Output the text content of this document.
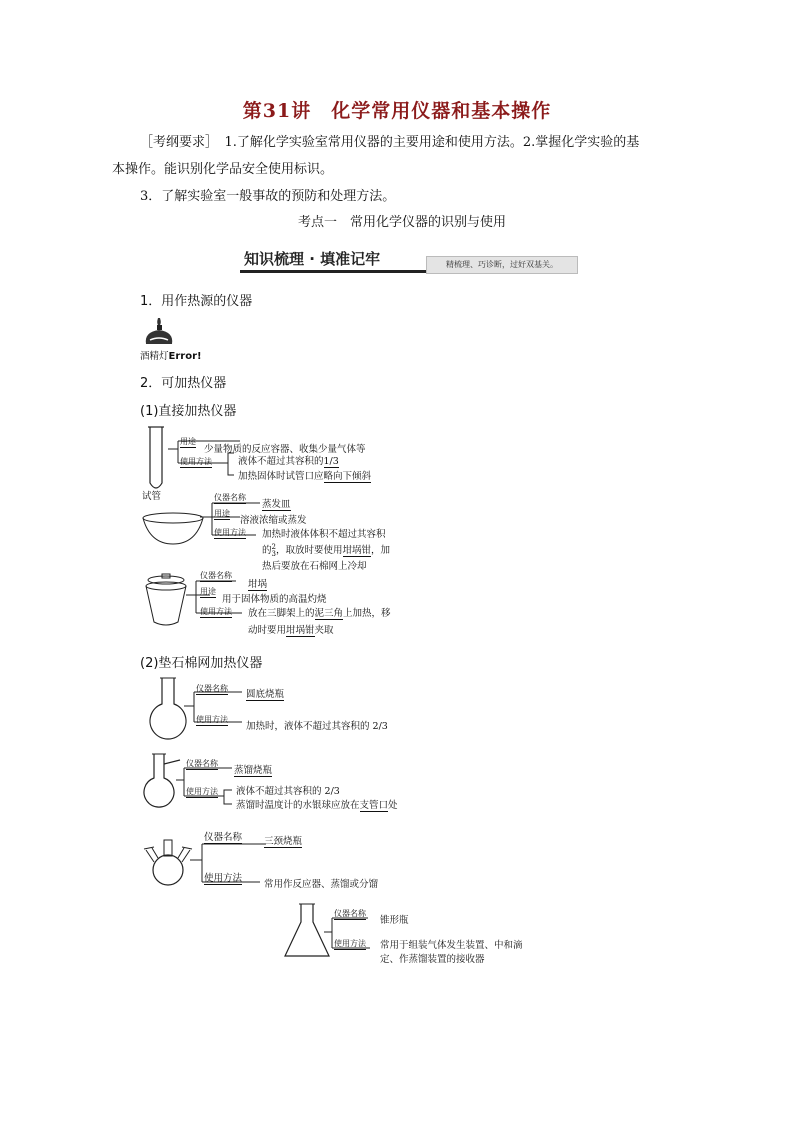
第31讲　化学常用仪器和基本操作
［考纲要求］　1.了解化学实验室常用仪器的主要用途和使用方法。2.掌握化学实验的基
本操作。能识别化学品安全使用标识。
3．了解实验室一般事故的预防和处理方法。
考点一　常用化学仪器的识别与使用
知识梳理 · 填准记牢	精梳理、巧诊断，过好双基关。
1．用作热源的仪器
酒精灯Error!
2．可加热仪器
(1)直接加热仪器
试管
用途
少量物质的反应容器、收集少量气体等
使用方法	液体不超过其容积的1/3
加热固体时试管口应略向下倾斜
仪器名称
蒸发皿
用途
溶液浓缩或蒸发
使用方法 加热时液体体积不超过其容积
的2
3，取放时要使用坩埚钳，加
热后要放在石棉网上冷却
仪器名称
坩埚
用途
用于固体物质的高温灼烧
使用方法 放在三脚架上的泥三角上加热，移
动时要用坩埚钳夹取
(2)垫石棉网加热仪器
仪器名称
圆底烧瓶
使用方法
加热时，液体不超过其容积的 2/3
仪器名称
蒸馏烧瓶
使用方法 液体不超过其容积的 2/3
蒸馏时温度计的水银球应放在支管口处
仪器名称 三颈烧瓶
使用方法
常用作反应器、蒸馏或分馏
仪器名称
锥形瓶
使用方法 常用于组装气体发生装置、中和滴
定、作蒸馏装置的接收器
